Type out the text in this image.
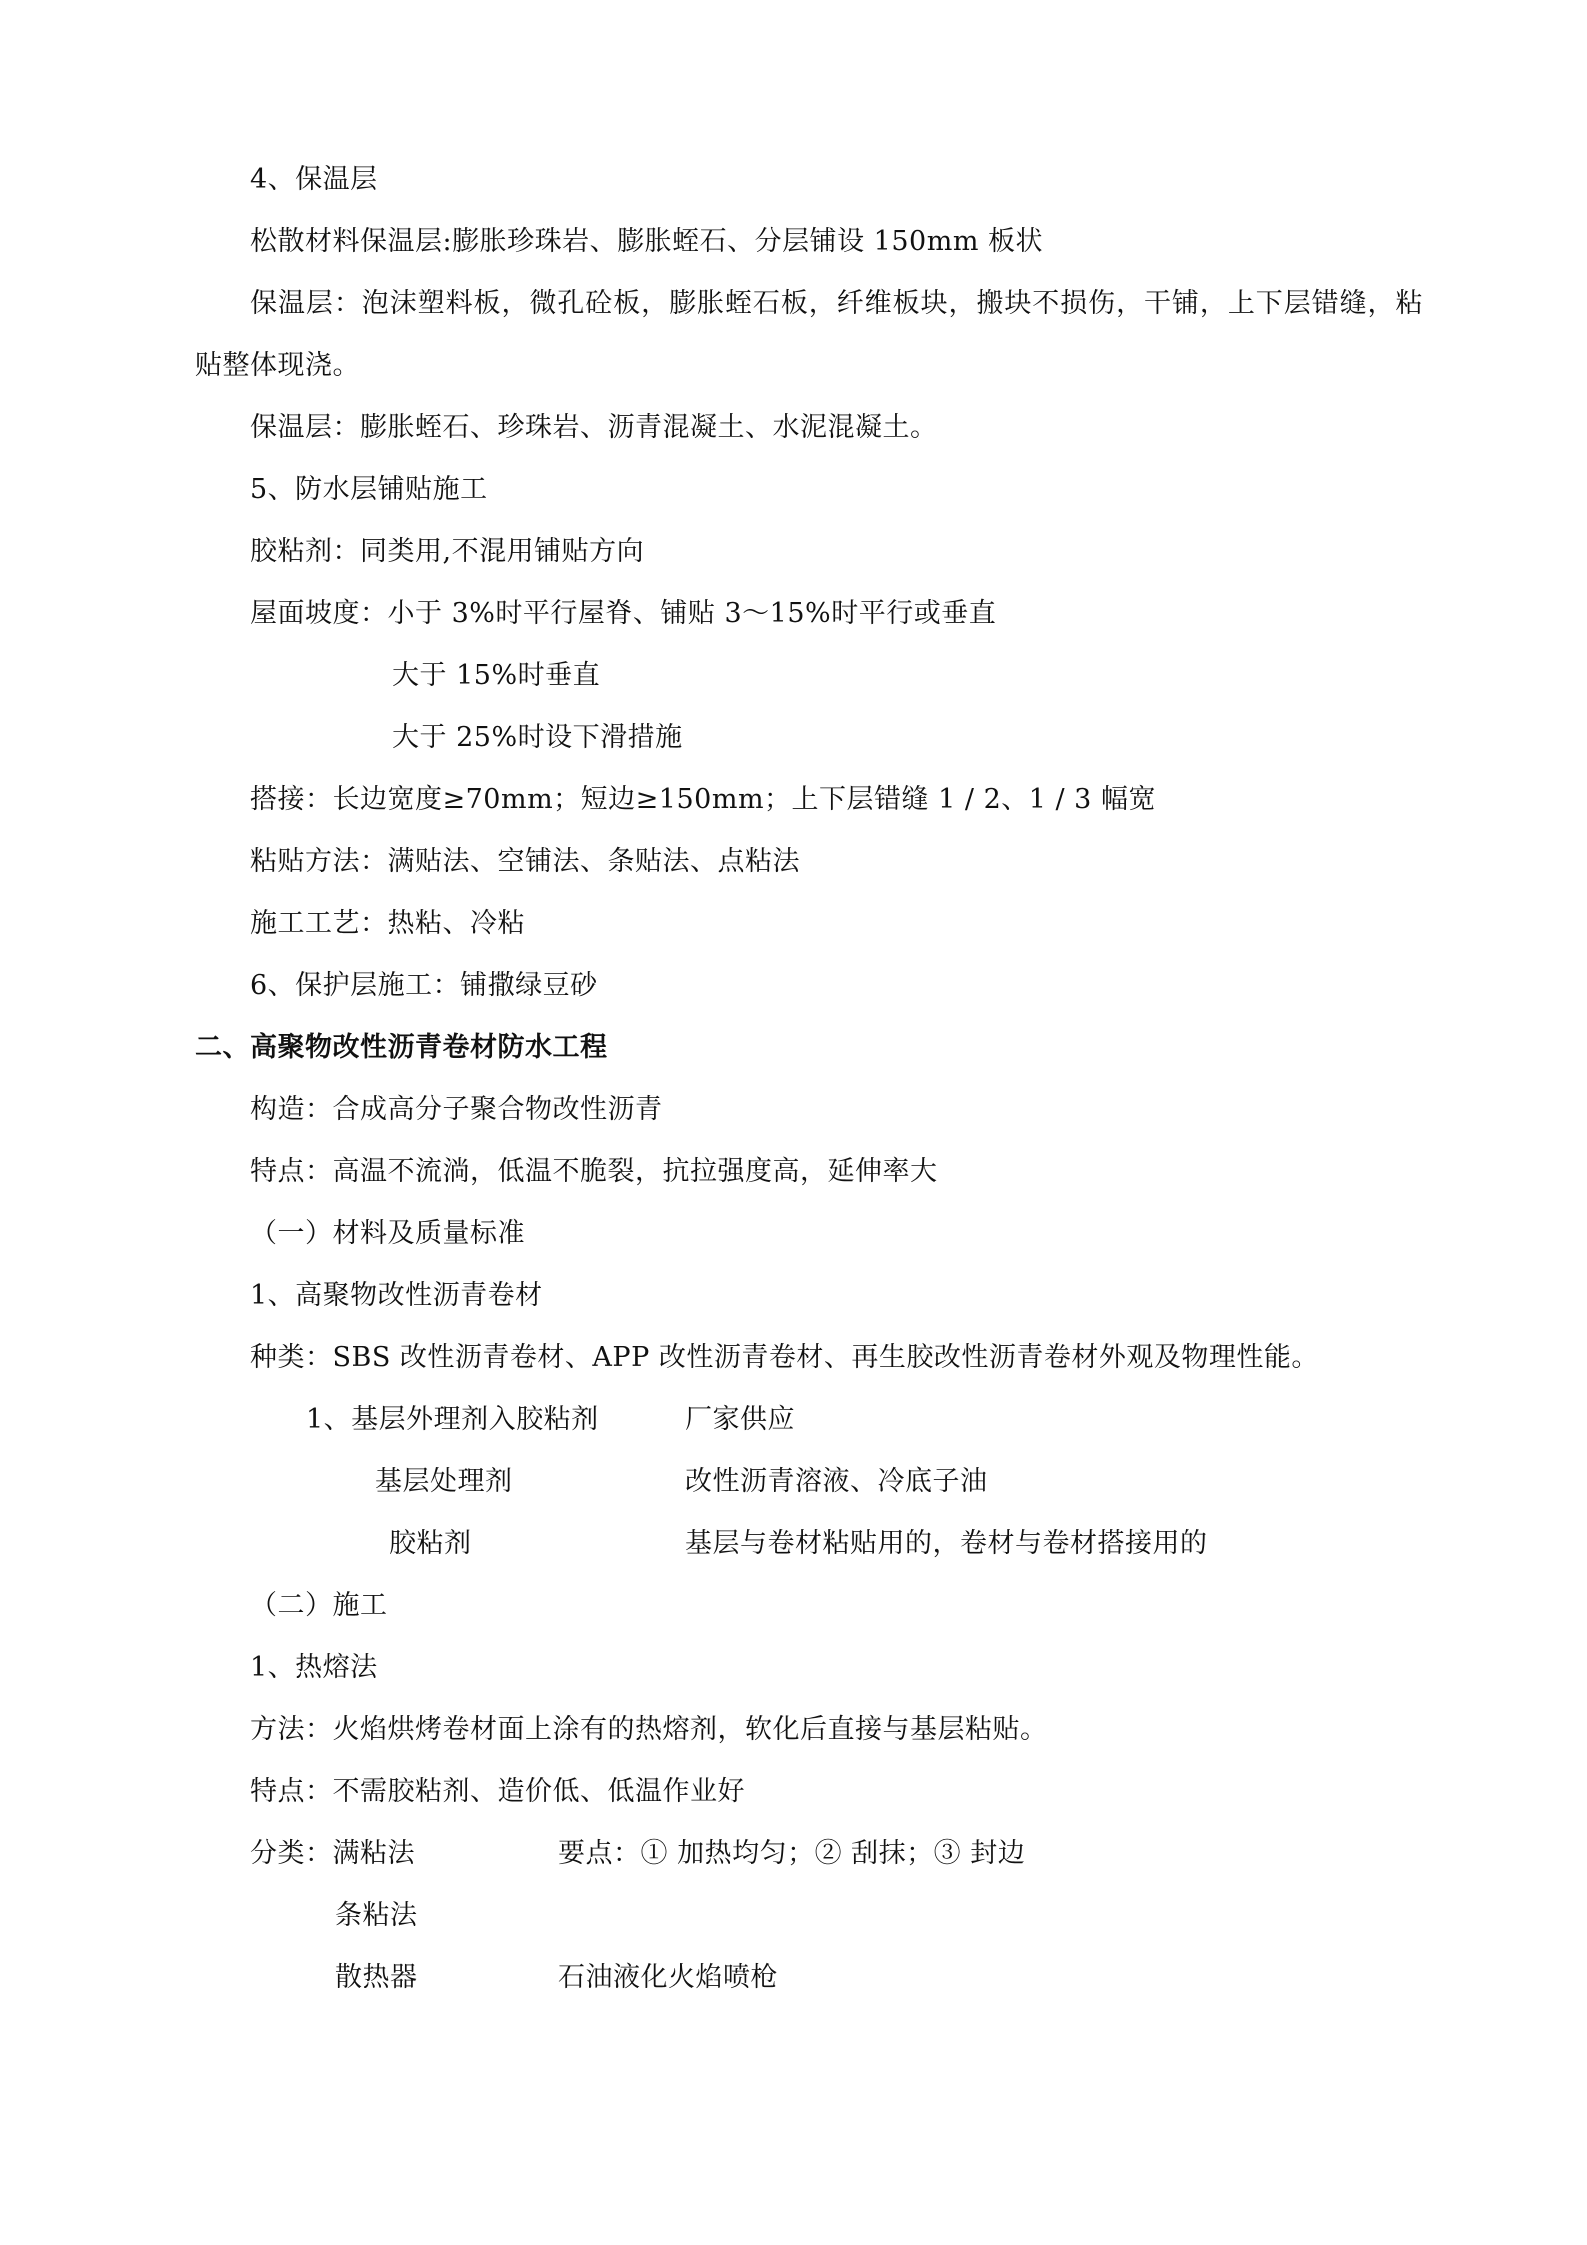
4、保温层
松散材料保温层:膨胀珍珠岩、膨胀蛭石、分层铺设 150mm 板状
保温层：泡沫塑料板，微孔砼板，膨胀蛭石板，纤维板块，搬块不损伤，干铺，上下层错缝，粘
贴整体现浇。
保温层：膨胀蛭石、珍珠岩、沥青混凝土、水泥混凝土。
5、防水层铺贴施工
胶粘剂：同类用,不混用铺贴方向
屋面坡度：小于 3%时平行屋脊、铺贴 3～15%时平行或垂直
大于 15%时垂直
大于 25%时设下滑措施
搭接：长边宽度≥70mm；短边≥150mm；上下层错缝 1 / 2、1 / 3 幅宽
粘贴方法：满贴法、空铺法、条贴法、点粘法
施工工艺：热粘、冷粘
6、保护层施工：铺撒绿豆砂
二、高聚物改性沥青卷材防水工程
构造：合成高分子聚合物改性沥青
特点：高温不流淌，低温不脆裂，抗拉强度高，延伸率大
（一）材料及质量标准
1、高聚物改性沥青卷材
种类：SBS 改性沥青卷材、APP 改性沥青卷材、再生胶改性沥青卷材外观及物理性能。
1、基层外理剂入胶粘剂	厂家供应
基层处理剂	改性沥青溶液、冷底子油
胶粘剂	基层与卷材粘贴用的，卷材与卷材搭接用的
（二）施工
1、热熔法
方法：火焰烘烤卷材面上涂有的热熔剂，软化后直接与基层粘贴。
特点：不需胶粘剂、造价低、低温作业好
分类：满粘法	要点：① 加热均匀；② 刮抹；③ 封边
条粘法
散热器	石油液化火焰喷枪
